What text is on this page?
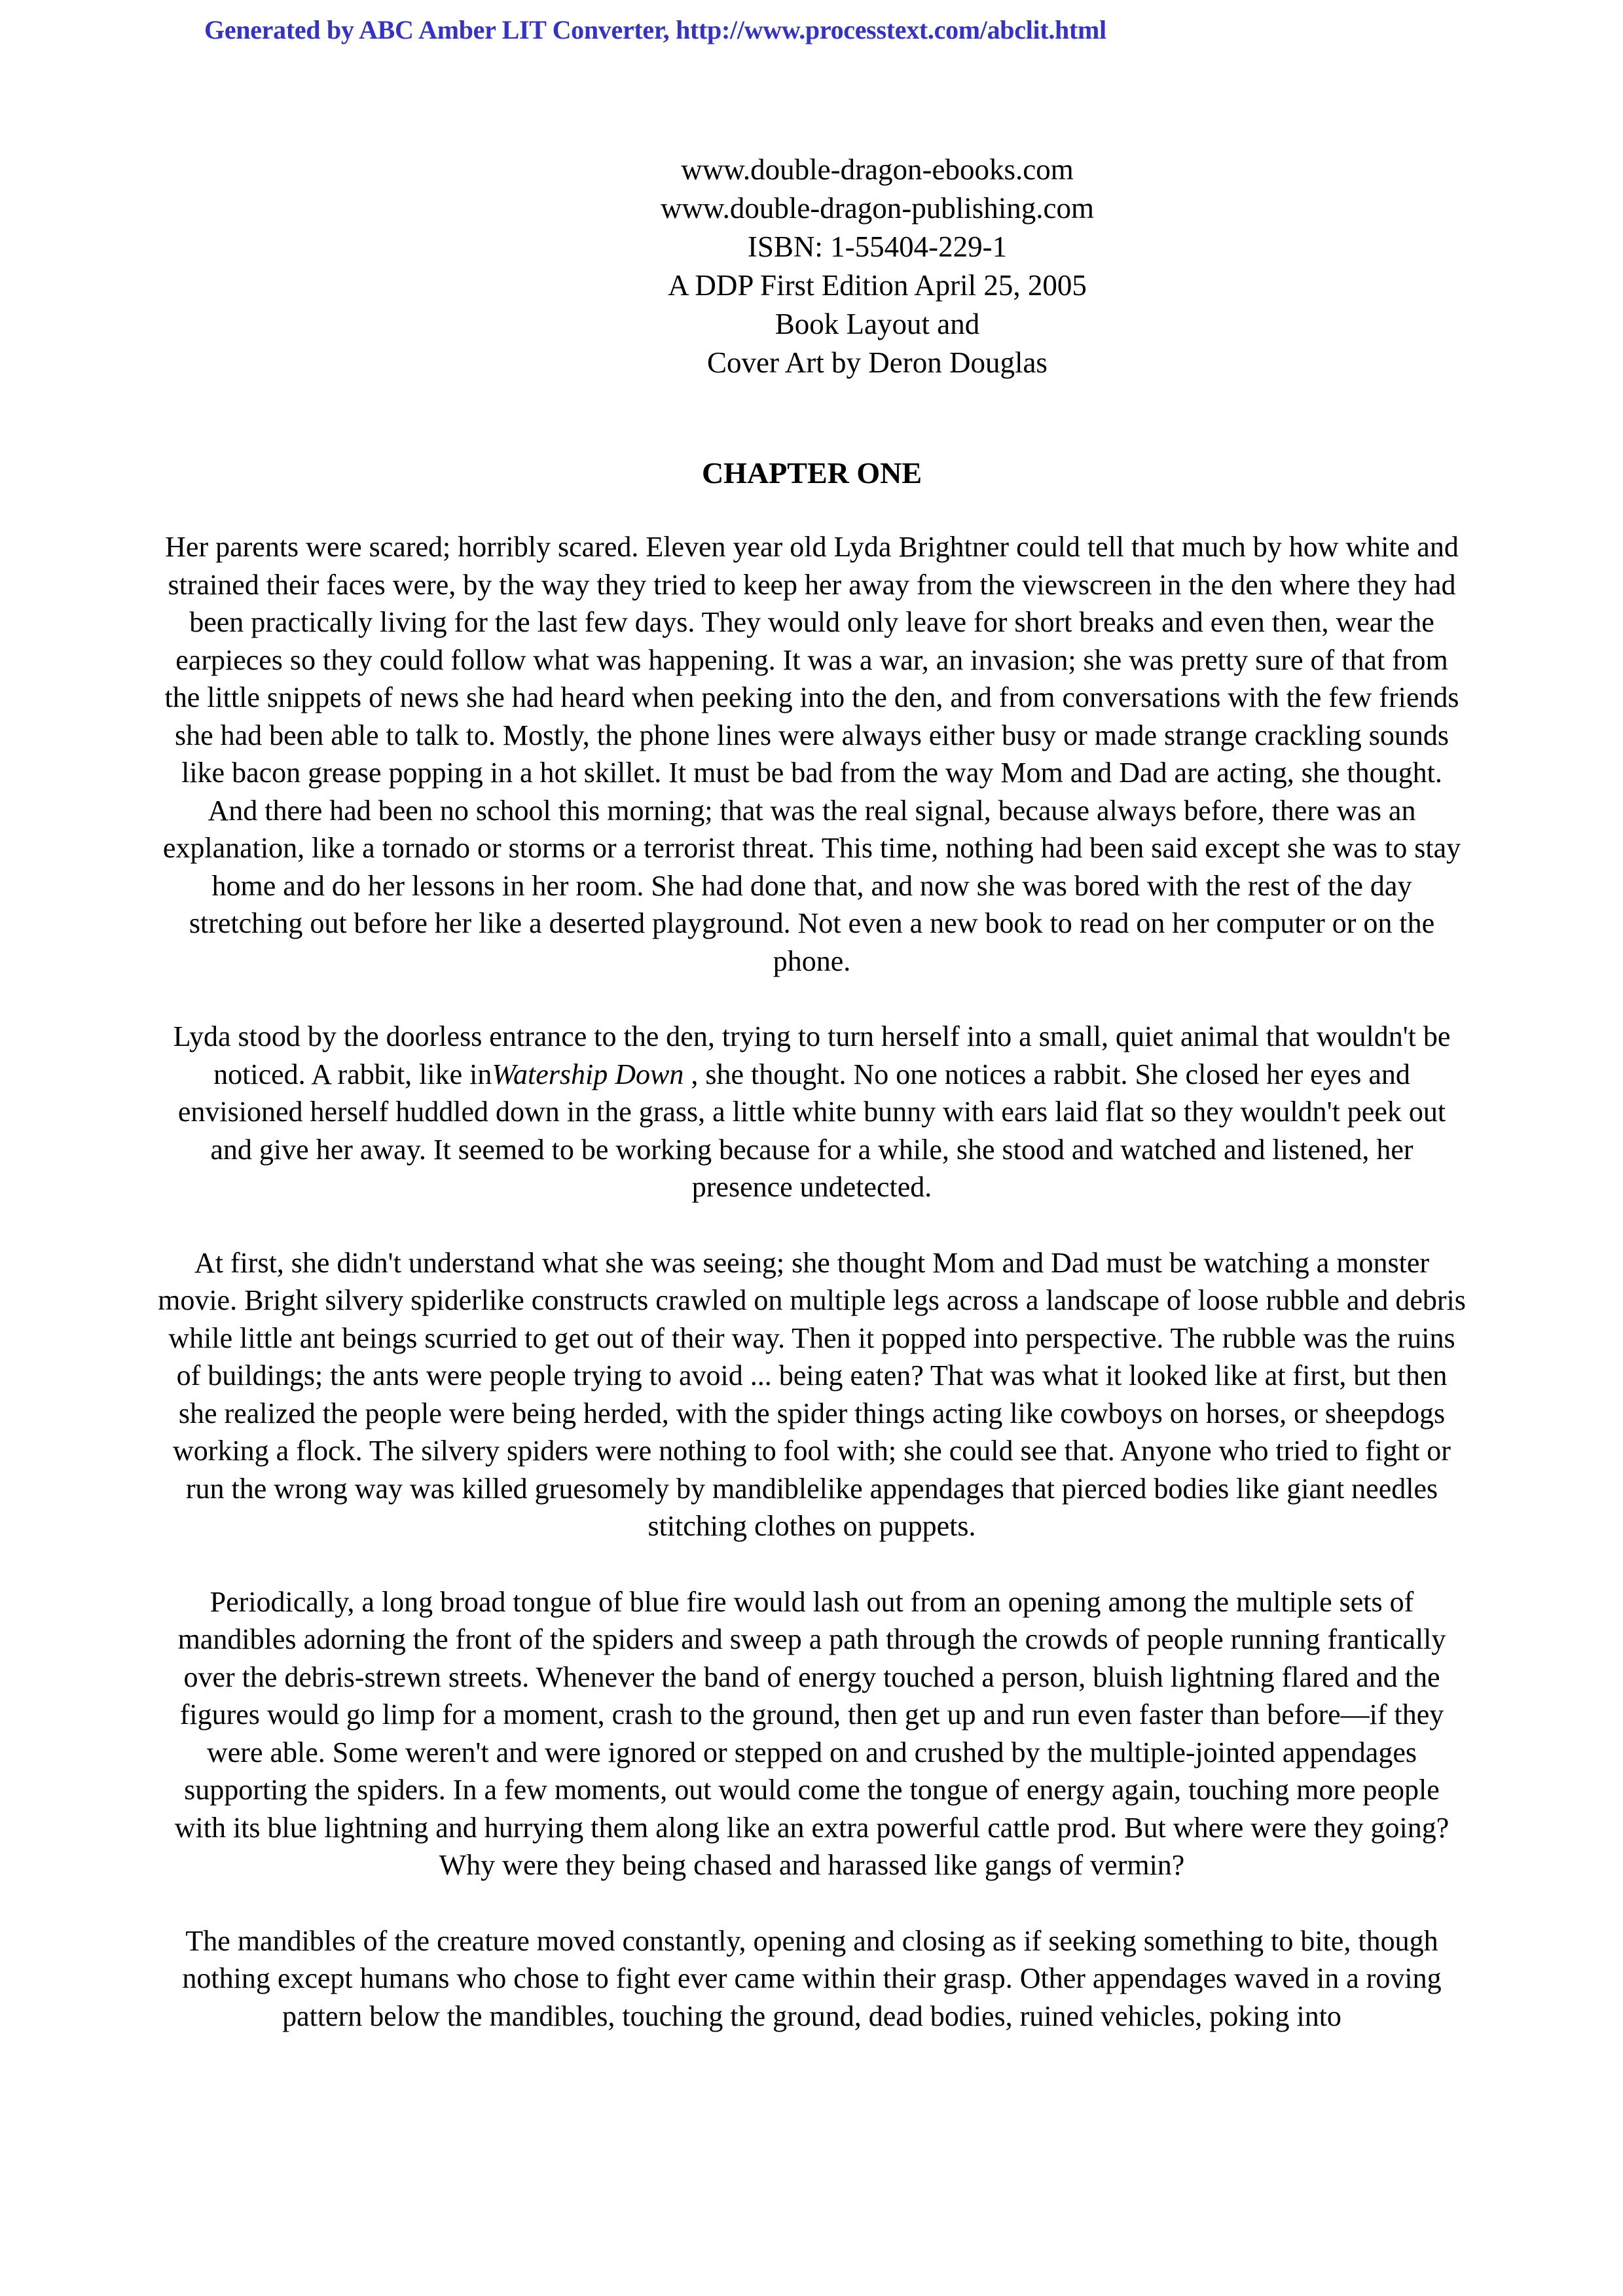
Generated by ABC Amber LIT Converter, http://www.processtext.com/abclit.html
www.double-dragon-ebooks.com
www.double-dragon-publishing.com
ISBN: 1-55404-229-1
A DDP First Edition April 25, 2005
Book Layout and
Cover Art by Deron Douglas
CHAPTER ONE

Her parents were scared; horribly scared. Eleven year old Lyda Brightner could tell that much by how white and strained their faces were, by the way they tried to keep her away from the viewscreen in the den where they had been practically living for the last few days. They would only leave for short breaks and even then, wear the earpieces so they could follow what was happening. It was a war, an invasion; she was pretty sure of that from the little snippets of news she had heard when peeking into the den, and from conversations with the few friends she had been able to talk to. Mostly, the phone lines were always either busy or made strange crackling sounds like bacon grease popping in a hot skillet. It must be bad from the way Mom and Dad are acting, she thought. And there had been no school this morning; that was the real signal, because always before, there was an explanation, like a tornado or storms or a terrorist threat. This time, nothing had been said except she was to stay home and do her lessons in her room. She had done that, and now she was bored with the rest of the day stretching out before her like a deserted playground. Not even a new book to read on her computer or on the phone.

Lyda stood by the doorless entrance to the den, trying to turn herself into a small, quiet animal that wouldn't be noticed. A rabbit, like inWatership Down , she thought. No one notices a rabbit. She closed her eyes and envisioned herself huddled down in the grass, a little white bunny with ears laid flat so they wouldn't peek out and give her away. It seemed to be working because for a while, she stood and watched and listened, her presence undetected.

At first, she didn't understand what she was seeing; she thought Mom and Dad must be watching a monster movie. Bright silvery spiderlike constructs crawled on multiple legs across a landscape of loose rubble and debris while little ant beings scurried to get out of their way. Then it popped into perspective. The rubble was the ruins of buildings; the ants were people trying to avoid ... being eaten? That was what it looked like at first, but then she realized the people were being herded, with the spider things acting like cowboys on horses, or sheepdogs working a flock. The silvery spiders were nothing to fool with; she could see that. Anyone who tried to fight or run the wrong way was killed gruesomely by mandiblelike appendages that pierced bodies like giant needles stitching clothes on puppets.

Periodically, a long broad tongue of blue fire would lash out from an opening among the multiple sets of mandibles adorning the front of the spiders and sweep a path through the crowds of people running frantically over the debris-strewn streets. Whenever the band of energy touched a person, bluish lightning flared and the figures would go limp for a moment, crash to the ground, then get up and run even faster than before—if they were able. Some weren't and were ignored or stepped on and crushed by the multiple-jointed appendages supporting the spiders. In a few moments, out would come the tongue of energy again, touching more people with its blue lightning and hurrying them along like an extra powerful cattle prod. But where were they going? Why were they being chased and harassed like gangs of vermin?

The mandibles of the creature moved constantly, opening and closing as if seeking something to bite, though nothing except humans who chose to fight ever came within their grasp. Other appendages waved in a roving pattern below the mandibles, touching the ground, dead bodies, ruined vehicles, poking into
